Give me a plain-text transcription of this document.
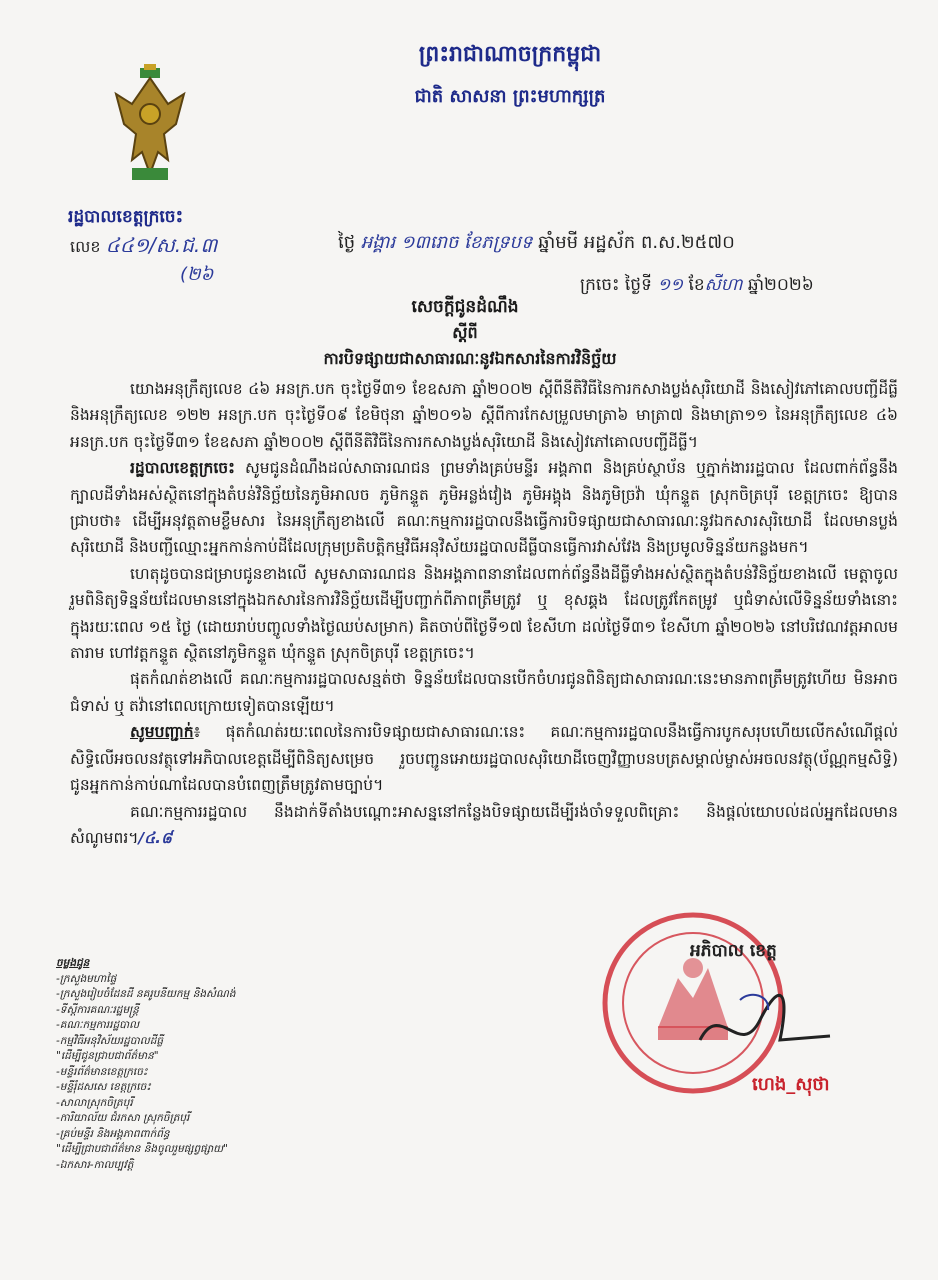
ព្រះរាជាណាចក្រកម្ពុជា
ជាតិ សាសនា ព្រះមហាក្សត្រ
រដ្ឋបាលខេត្តក្រចេះ
លេខ ៤៤១/ស.ជ.៣
(២៦
ថ្ងៃ អង្គារ ១៣រោច ខែភទ្របទ ឆ្នាំមមី អដ្ឋស័ក ព.ស.២៥៧០
ក្រចេះ ថ្ងៃទី ១១ ខែសីហា ឆ្នាំ២០២៦
សេចក្តីជូនដំណឹង
ស្តីពី
ការបិទផ្សាយជាសាធារណៈនូវឯកសារនៃការវិនិច្ឆ័យ

យោងអនុក្រឹត្យលេខ ៤៦ អនក្រ.បក ចុះថ្ងៃទី៣១ ខែឧសភា ឆ្នាំ២០០២ ស្តីពីនីតិវិធីនៃការកសាងប្លង់សុរិយោដី និងសៀវភៅគោលបញ្ជីដីធ្លី និងអនុក្រឹត្យលេខ ១២២ អនក្រ.បក ចុះថ្ងៃទី០៩ ខែមិថុនា ឆ្នាំ២០១៦ ស្តីពីការកែសម្រួលមាត្រា៦ មាត្រា៧ និងមាត្រា១១ នៃអនុក្រឹត្យលេខ ៤៦ អនក្រ.បក ចុះថ្ងៃទី៣១ ខែឧសភា ឆ្នាំ២០០២ ស្តីពីនីតិវិធីនៃការកសាងប្លង់សុរិយោដី និងសៀវភៅគោលបញ្ជីដីធ្លី។

រដ្ឋបាលខេត្តក្រចេះ សូមជូនដំណឹងដល់សាធារណជន ព្រមទាំងគ្រប់មន្ទីរ អង្គភាព និងគ្រប់ស្ថាប័ន ឬភ្នាក់ងាររដ្ឋបាល ដែលពាក់ព័ន្ធនឹងក្បាលដីទាំងអស់ស្ថិតនៅក្នុងតំបន់វិនិច្ឆ័យនៃភូមិអាលច ភូមិកន្ទួត ភូមិអន្លង់វៀង ភូមិអង្គុង និងភូមិច្រវ៉ា ឃុំកន្ទួត ស្រុកចិត្របុរី ខេត្តក្រចេះ ឱ្យបានជ្រាបថា៖ ដើម្បីអនុវត្តតាមខ្លឹមសារ នៃអនុក្រឹត្យខាងលើ គណៈកម្មការរដ្ឋបាលនឹងធ្វើការបិទផ្សាយជាសាធារណៈនូវឯកសារសុរិយោដី ដែលមានប្លង់សុរិយោដី និងបញ្ជីឈ្មោះអ្នកកាន់កាប់ដីដែលក្រុមប្រតិបត្តិកម្មវិធីអនុវិស័យរដ្ឋបាលដីធ្លីបានធ្វើការវាស់វែង និងប្រមូលទិន្នន័យកន្លងមក។

ហេតុដូចបានជម្រាបជូនខាងលើ សូមសាធារណជន និងអង្គភាពនានាដែលពាក់ព័ន្ធនឹងដីធ្លីទាំងអស់ស្ថិតក្នុងតំបន់វិនិច្ឆ័យខាងលើ មេត្តាចូលរួមពិនិត្យទិន្នន័យដែលមាននៅក្នុងឯកសារនៃការវិនិច្ឆ័យដើម្បីបញ្ជាក់ពីភាពត្រឹមត្រូវ ឬ ខុសឆ្គង ដែលត្រូវកែតម្រូវ ឬជំទាស់លើទិន្នន័យទាំងនោះ ក្នុងរយៈពេល ១៥ ថ្ងៃ (ដោយរាប់បញ្ចូលទាំងថ្ងៃឈប់សម្រាក) គិតចាប់ពីថ្ងៃទី១៧ ខែសីហា ដល់ថ្ងៃទី៣១ ខែសីហា ឆ្នាំ២០២៦ នៅបរិវេណវត្តអាលមតារាម ហៅវត្តកន្ទួត ស្ថិតនៅភូមិកន្ទួត ឃុំកន្ទួត ស្រុកចិត្របុរី ខេត្តក្រចេះ។

ផុតកំណត់ខាងលើ គណៈកម្មការរដ្ឋបាលសន្មត់ថា ទិន្នន័យដែលបានបើកចំហរជូនពិនិត្យជាសាធារណៈនេះមានភាពត្រឹមត្រូវហើយ មិនអាចជំទាស់ ឬ តវ៉ានៅពេលក្រោយទៀតបានឡើយ។

សូមបញ្ជាក់៖ ផុតកំណត់រយៈពេលនៃការបិទផ្សាយជាសាធារណៈនេះ គណៈកម្មការរដ្ឋបាលនឹងធ្វើការបូកសរុបហើយលើកសំណើផ្តល់សិទ្ធិលើអចលនវត្ថុទៅអភិបាលខេត្តដើម្បីពិនិត្យសម្រេច រួចបញ្ជូនអោយរដ្ឋបាលសុរិយោដីចេញវិញ្ញាបនបត្រសម្គាល់ម្ចាស់អចលនវត្ថុ(ប័ណ្ណកម្មសិទ្ធិ) ជូនអ្នកកាន់កាប់ណាដែលបានបំពេញត្រឹមត្រូវតាមច្បាប់។

គណៈកម្មការរដ្ឋបាល នឹងដាក់ទីតាំងបណ្តោះអាសន្ននៅកន្លែងបិទផ្សាយដើម្បីរង់ចាំទទួលពិគ្រោះ និងផ្តល់យោបល់ដល់អ្នកដែលមានសំណូមពរ។/៤.៨

ចម្លងជូន
-ក្រសួងមហាផ្ទៃ
-ក្រសួងរៀបចំដែនដី នគរូបនីយកម្ម និងសំណង់
-ទីស្តីការគណៈរដ្ឋមន្ត្រី
-គណៈកម្មការរដ្ឋបាល
-កម្មវិធីអនុវិស័យរដ្ឋបាលដីធ្លី
"ដើម្បីជូនជ្រាបជាព័ត៌មាន"
-មន្ទីរព័ត៌មានខេត្តក្រចេះ
-មន្ទីរុំដសសេ ខេត្តក្រចេះ
-សាលាស្រុកចិត្របុរី
-ការិយាល័យ ជំរកសា ស្រុកចិត្របុរី
-គ្រប់មន្ទីរ និងអង្គភាពពាក់ព័ន្ធ
"ដើម្បីជ្រាបជាព័ត៌មាន និងចូលរួមផ្សព្វផ្សាយ"
-ឯកសារ-កាលប្បវត្តិ
អភិបាល ខេត្ត
ហេង_សុថា
